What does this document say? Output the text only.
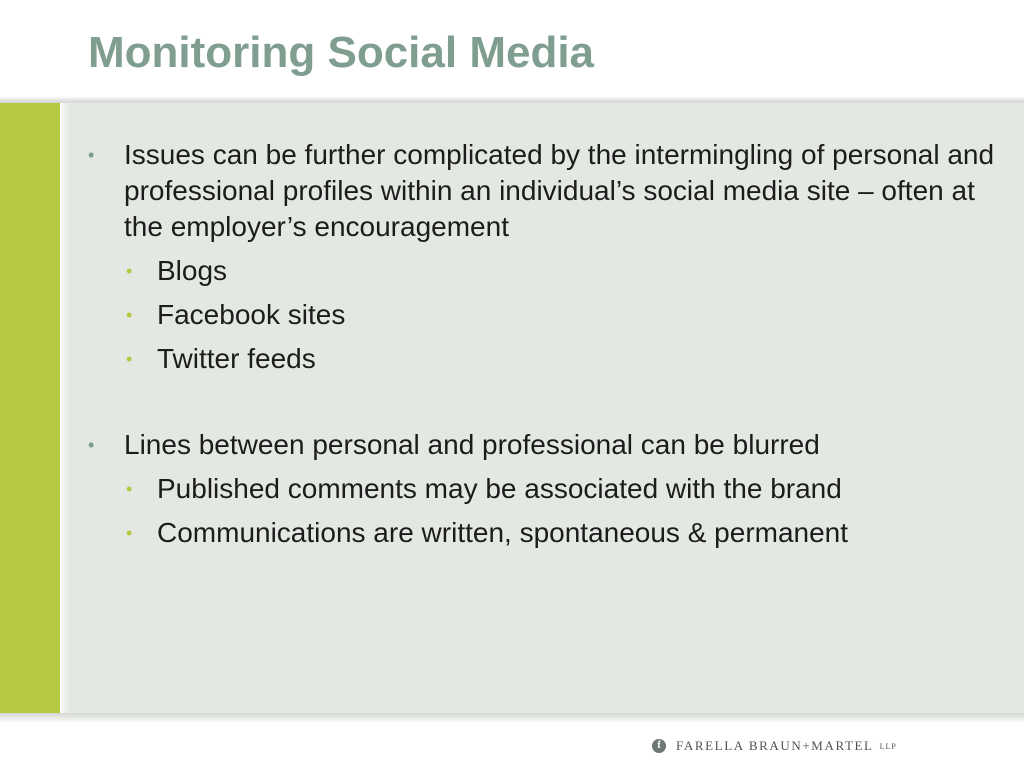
Monitoring Social Media
• Issues can be further complicated by the intermingling of personal and professional profiles within an individual’s social media site – often at the employer’s encouragement
• Blogs
• Facebook sites
• Twitter feeds
• Lines between personal and professional can be blurred
• Published comments may be associated with the brand
• Communications are written, spontaneous & permanent
f	FARELLA BRAUN+MARTEL LLP
